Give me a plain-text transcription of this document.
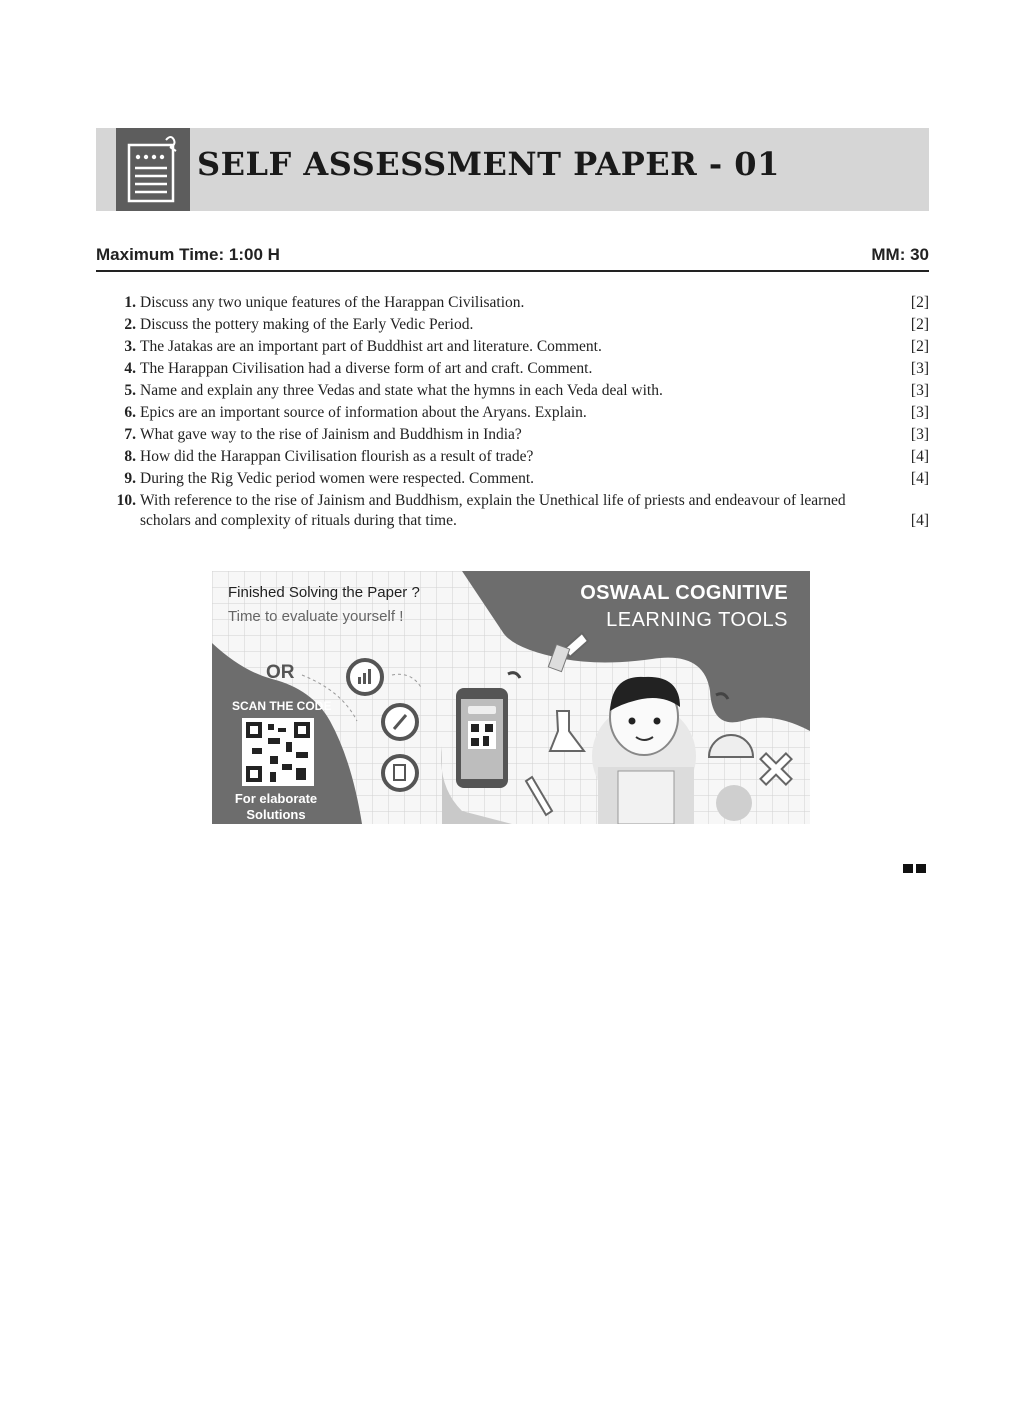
SELF ASSESSMENT PAPER - 01
Maximum Time: 1:00 H	MM: 30
1. Discuss any two unique features of the Harappan Civilisation.	[2]
2. Discuss the pottery making of the Early Vedic Period.	[2]
3. The Jatakas are an important part of Buddhist art and literature. Comment.	[2]
4. The Harappan Civilisation had a diverse form of art and craft. Comment.	[3]
5. Name and explain any three Vedas and state what the hymns in each Veda deal with.	[3]
6. Epics are an important source of information about the Aryans. Explain.	[3]
7. What gave way to the rise of Jainism and Buddhism in India?	[3]
8. How did the Harappan Civilisation flourish as a result of trade?	[4]
9. During the Rig Vedic period women were respected. Comment.	[4]
10. With reference to the rise of Jainism and Buddhism, explain the Unethical life of priests and endeavour of learned scholars and complexity of rituals during that time.	[4]
Finished Solving the Paper ?
Time to evaluate yourself !
OSWAAL COGNITIVE
LEARNING TOOLS
OR
SCAN THE CODE
For elaborate Solutions
